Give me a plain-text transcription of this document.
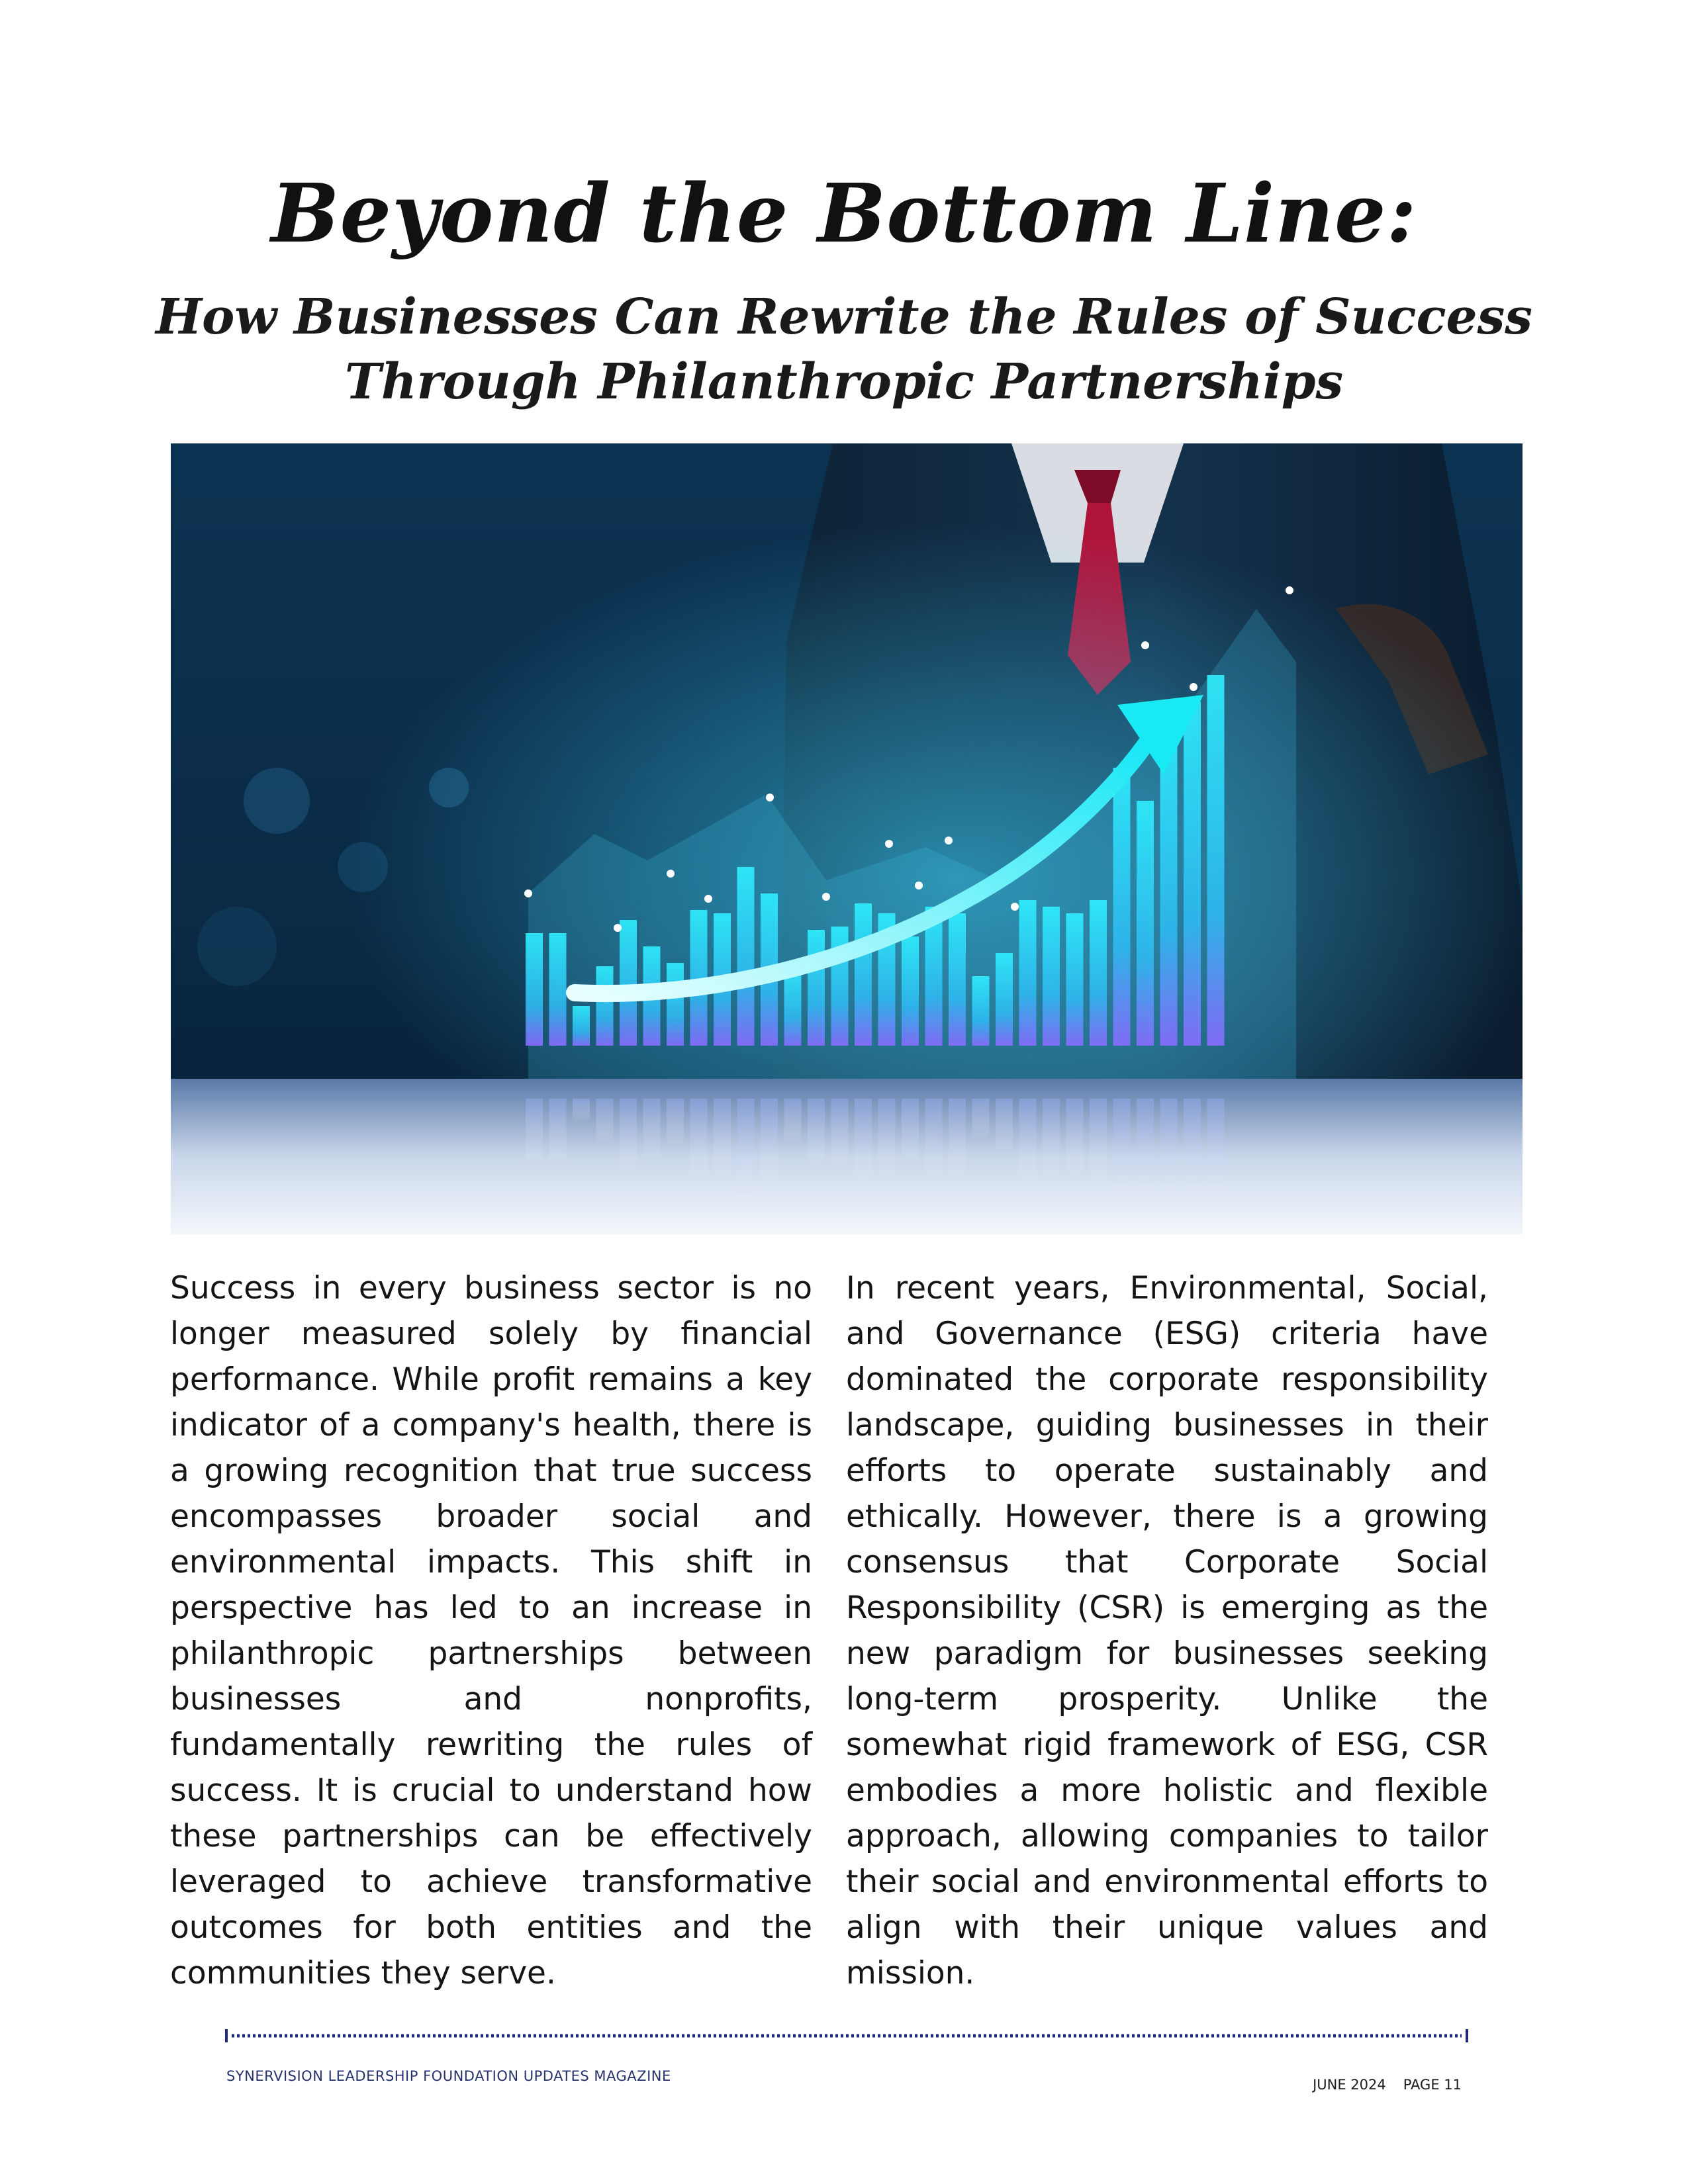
Beyond the Bottom Line:
How Businesses Can Rewrite the Rules of Success
Through Philanthropic Partnerships

Success in every business sector is no longer measured solely by financial performance. While profit remains a key indicator of a company's health, there is a growing recognition that true success encompasses broader social and environmental impacts. This shift in perspective has led to an increase in philanthropic partnerships between businesses and nonprofits, fundamentally rewriting the rules of success. It is crucial to understand how these partnerships can be effectively leveraged to achieve transformative outcomes for both entities and the communities they serve.

In recent years, Environmental, Social, and Governance (ESG) criteria have dominated the corporate responsibility landscape, guiding businesses in their efforts to operate sustainably and ethically. However, there is a growing consensus that Corporate Social Responsibility (CSR) is emerging as the new paradigm for businesses seeking long-term prosperity. Unlike the somewhat rigid framework of ESG, CSR embodies a more holistic and flexible approach, allowing companies to tailor their social and environmental efforts to align with their unique values and mission.

SYNERVISION LEADERSHIP FOUNDATION UPDATES MAGAZINE
JUNE 2024 PAGE 11
